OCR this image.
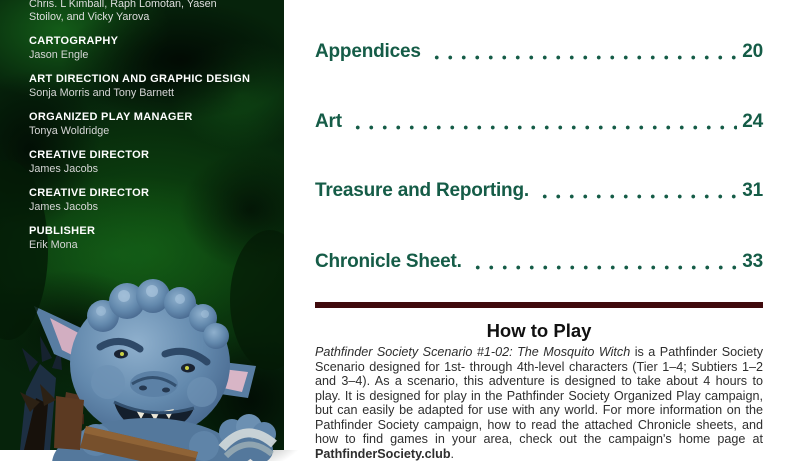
Chris. L Kimball, Raph Lomotan, Yasen Stoilov, and Vicky Yarova
CARTOGRAPHY
Jason Engle
ART DIRECTION AND GRAPHIC DESIGN
Sonja Morris and Tony Barnett
ORGANIZED PLAY MANAGER
Tonya Woldridge
CREATIVE DIRECTOR
James Jacobs
CREATIVE DIRECTOR
James Jacobs
PUBLISHER
Erik Mona
Appendices	20
Art	24
Treasure and Reporting.	31
Chronicle Sheet.	33
How to Play

Pathfinder Society Scenario #1-02: The Mosquito Witch is a Pathfinder Society Scenario designed for 1st- through 4th-level characters (Tier 1–4; Subtiers 1–2 and 3–4). As a scenario, this adventure is designed to take about 4 hours to play. It is designed for play in the Pathfinder Society Organized Play campaign, but can easily be adapted for use with any world. For more information on the Pathfinder Society campaign, how to read the attached Chronicle sheets, and how to find games in your area, check out the campaign's home page at PathfinderSociety.club.
